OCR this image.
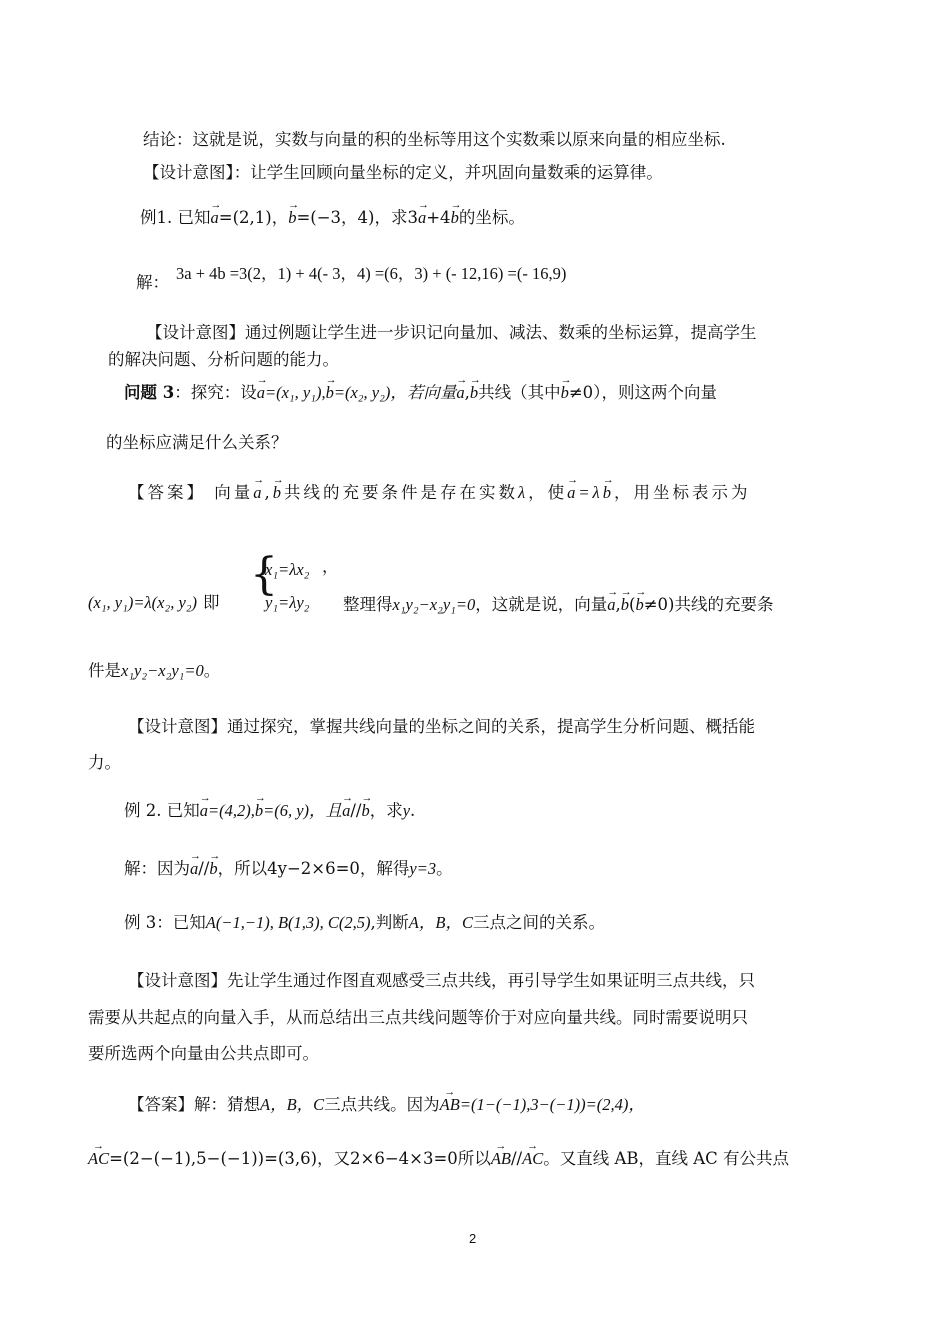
结论：这就是说，实数与向量的积的坐标等用这个实数乘以原来向量的相应坐标.
【设计意图】：让学生回顾向量坐标的定义，并巩固向量数乘的运算律。
例1. 已知→ a=(2,1)，→ b=(−3，4)，求3→ a+4→ b的坐标。
解： 3a + 4b =3(2，1) + 4(- 3，4) =(6，3) + (- 12,16) =(- 16,9)
【设计意图】通过例题让学生进一步识记向量加、减法、数乘的坐标运算，提高学生
的解决问题、分析问题的能力。
问题 3：探究：设→ a=(x₁, y₁),→ b=(x₂, y₂)，若向量→ a,→ b共线（其中→ b≠0），则这两个向量
的坐标应满足什么关系？
【答案】 向量→ a,→ b共线的充要条件是存在实数λ，使→ a=λ→ b，用坐标表示为
{
x₁=λx₂ ，
y₁=λy₂
(x₁, y₁)=λ(x₂, y₂) 即	整理得x₁y₂−x₂y₁=0，这就是说，向量→ a,→ b(→ b≠0)共线的充要条
件是x₁y₂−x₂y₁=0。
【设计意图】通过探究，掌握共线向量的坐标之间的关系，提高学生分析问题、概括能
力。
例 2. 已知→ a=(4,2),→ b=(6, y)，且→ a//→ b，求y.
解：因为→ a//→ b，所以4y−2×6=0，解得y=3。
例 3：已知A(−1,−1), B(1,3), C(2,5),判断A，B，C三点之间的关系。
【设计意图】先让学生通过作图直观感受三点共线，再引导学生如果证明三点共线，只
需要从共起点的向量入手，从而总结出三点共线问题等价于对应向量共线。同时需要说明只
要所选两个向量由公共点即可。
【答案】解：猜想A，B，C三点共线。因为→ AB=(1−(−1),3−(−1))=(2,4)，
→ AC=(2−(−1),5−(−1))=(3,6)，又2×6−4×3=0所以→ AB//→ AC。又直线 AB，直线 AC 有公共点
2
